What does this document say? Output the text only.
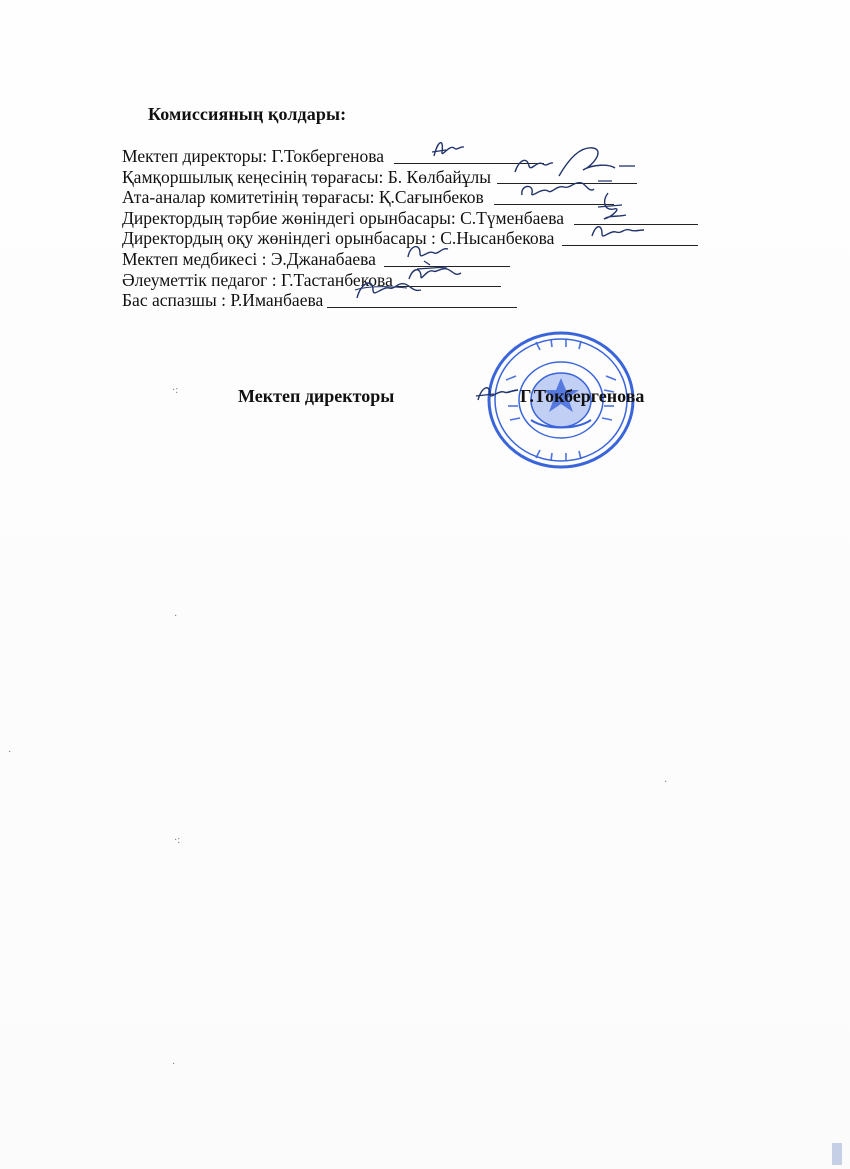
Комиссияның қолдары:
Мектеп директоры: Г.Токбергенова
Қамқоршылық кеңесінің төрағасы: Б. Көлбайұлы
Ата-аналар комитетінің төрағасы: Қ.Сағынбеков
Директордың тәрбие жөніндегі орынбасары: С.Түменбаева
Директордың оқу жөніндегі орынбасары : С.Нысанбекова
Мектеп медбикесі : Э.Джанабаева
Әлеуметтік педагог : Г.Тастанбекова
Бас аспазшы : Р.Иманбаева
Мектеп директоры	Г.Токбергенова
·:
·
·:
·
·
·
